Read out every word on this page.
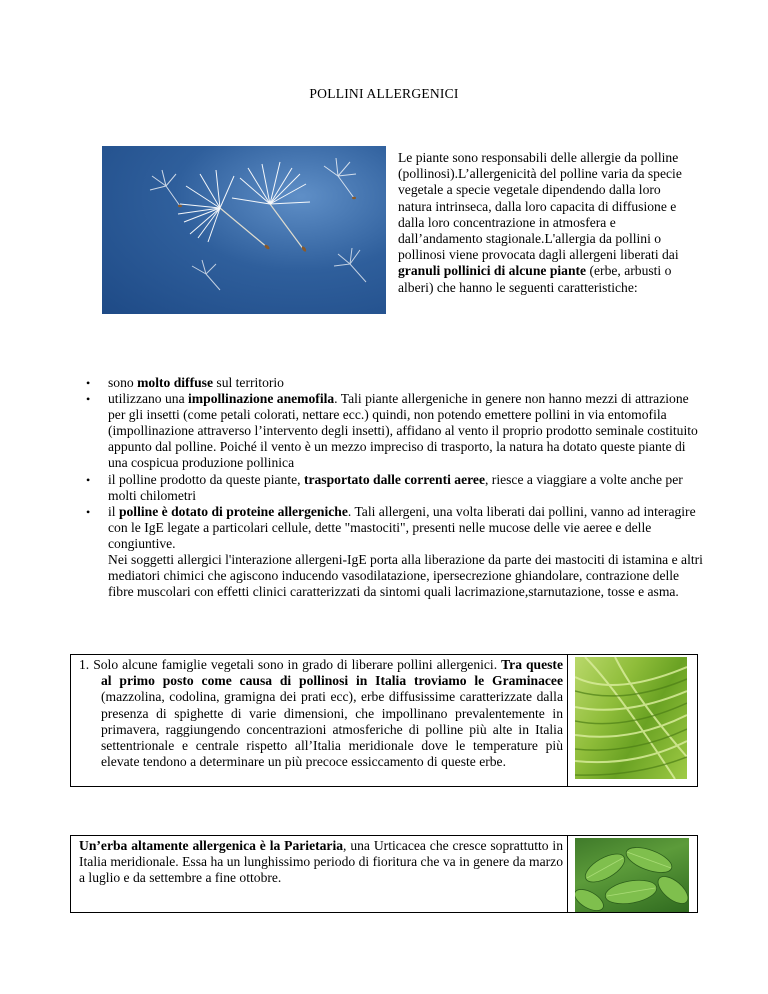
POLLINI ALLERGENICI
Le piante sono responsabili delle allergie da polline (pollinosi).L’allergenicità del polline varia da specie vegetale a specie vegetale dipendendo dalla loro natura intrinseca, dalla loro capacita di diffusione e dalla loro concentrazione in atmosfera e dall’andamento stagionale.L'allergia da pollini o pollinosi viene provocata dagli allergeni liberati dai granuli pollinici di alcune piante (erbe, arbusti o alberi) che hanno le seguenti caratteristiche:
• sono molto diffuse sul territorio
• utilizzano una impollinazione anemofila. Tali piante allergeniche in genere non hanno mezzi di attrazione per gli insetti (come petali colorati, nettare ecc.) quindi, non potendo emettere pollini in via entomofila (impollinazione attraverso l’intervento degli insetti), affidano al vento il proprio prodotto seminale costituito appunto dal polline. Poiché il vento è un mezzo impreciso di trasporto, la natura ha dotato queste piante di una cospicua produzione pollinica
• il polline prodotto da queste piante, trasportato dalle correnti aeree, riesce a viaggiare a volte anche per molti chilometri
• il polline è dotato di proteine allergeniche. Tali allergeni, una volta liberati dai pollini, vanno ad interagire con le IgE legate a particolari cellule, dette "mastociti", presenti nelle mucose delle vie aeree e delle congiuntive.
Nei soggetti allergici l'interazione allergeni-IgE porta alla liberazione da parte dei mastociti di istamina e altri mediatori chimici che agiscono inducendo vasodilatazione, ipersecrezione ghiandolare, contrazione delle fibre muscolari con effetti clinici caratterizzati da sintomi quali lacrimazione,starnutazione, tosse e asma.
1. Solo alcune famiglie vegetali sono in grado di liberare pollini allergenici. Tra queste al primo posto come causa di pollinosi in Italia troviamo le Graminacee (mazzolina, codolina, gramigna dei prati ecc), erbe diffusissime caratterizzate dalla presenza di spighette di varie dimensioni, che impollinano prevalentemente in primavera, raggiungendo concentrazioni atmosferiche di polline più alte in Italia settentrionale e centrale rispetto all’Italia meridionale dove le temperature più elevate tendono a determinare un più precoce essiccamento di queste erbe.
Un’erba altamente allergenica è la Parietaria, una Urticacea che cresce soprattutto in Italia meridionale. Essa ha un lunghissimo periodo di fioritura che va in genere da marzo a luglio e da settembre a fine ottobre.
